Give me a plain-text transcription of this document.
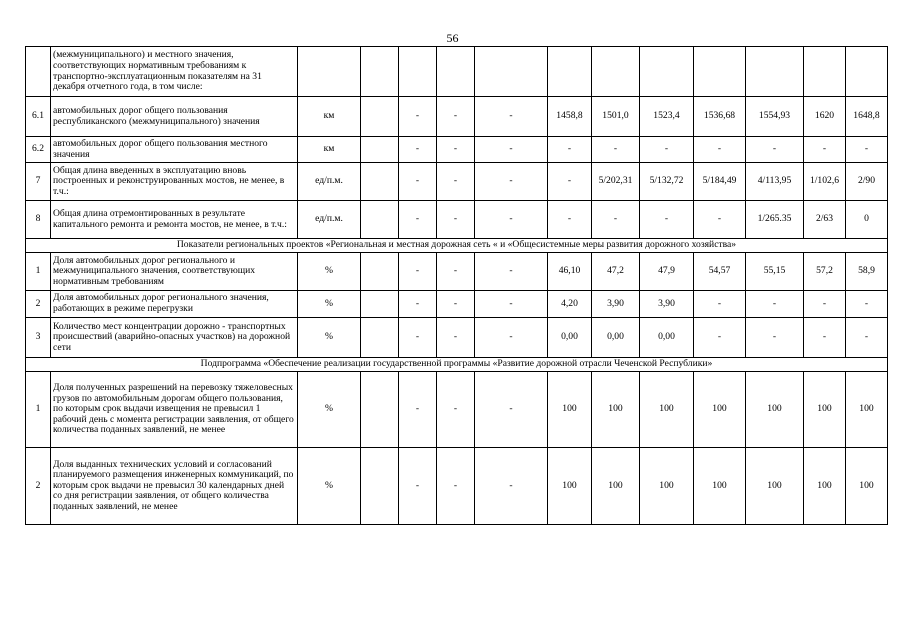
56
	(межмуниципального) и местного значения, соответствующих нормативным требованиям к транспортно-эксплуатационным показателям на 31 декабря отчетного года, в том числе:												
6.1	автомобильных дорог общего пользования республиканского (межмуниципального) значения	км		-	-	-	1458,8	1501,0	1523,4	1536,68	1554,93	1620	1648,8
6.2	автомобильных дорог общего пользования местного значения	км		-	-	-	-	-	-	-	-	-	-
7	Общая длина введенных в эксплуатацию вновь построенных и реконструированных мостов, не менее, в т.ч.:	ед/п.м.		-	-	-	-	5/202,31	5/132,72	5/184,49	4/113,95	1/102,6	2/90
8	Общая длина отремонтированных в результате капитального ремонта и ремонта мостов, не менее, в т.ч.:	ед/п.м.		-	-	-	-	-	-	-	1/265.35	2/63	0
Показатели региональных проектов «Региональная и местная дорожная сеть « и «Общесистемные меры развития дорожного хозяйства»													
1	Доля автомобильных дорог регионального и межмуниципального значения, соответствующих нормативным требованиям	%		-	-	-	46,10	47,2	47,9	54,57	55,15	57,2	58,9
2	Доля автомобильных дорог регионального значения, работающих в режиме перегрузки	%		-	-	-	4,20	3,90	3,90	-	-	-	-
3	Количество мест концентрации дорожно - транспортных происшествий (аварийно-опасных участков) на дорожной сети	%		-	-	-	0,00	0,00	0,00	-	-	-	-
Подпрограмма «Обеспечение реализации государственной программы «Развитие дорожной отрасли Чеченской Республики»													
1	Доля полученных разрешений на перевозку тяжеловесных грузов по автомобильным дорогам общего пользования, по которым срок выдачи извещения не превысил 1 рабочий день с момента регистрации заявления, от общего количества поданных заявлений, не менее	%		-	-	-	100	100	100	100	100	100	100
2	Доля выданных технических условий и согласований планируемого размещения инженерных коммуникаций, по которым срок выдачи не превысил 30 календарных дней со дня регистрации заявления, от общего количества поданных заявлений, не менее	%		-	-	-	100	100	100	100	100	100	100
